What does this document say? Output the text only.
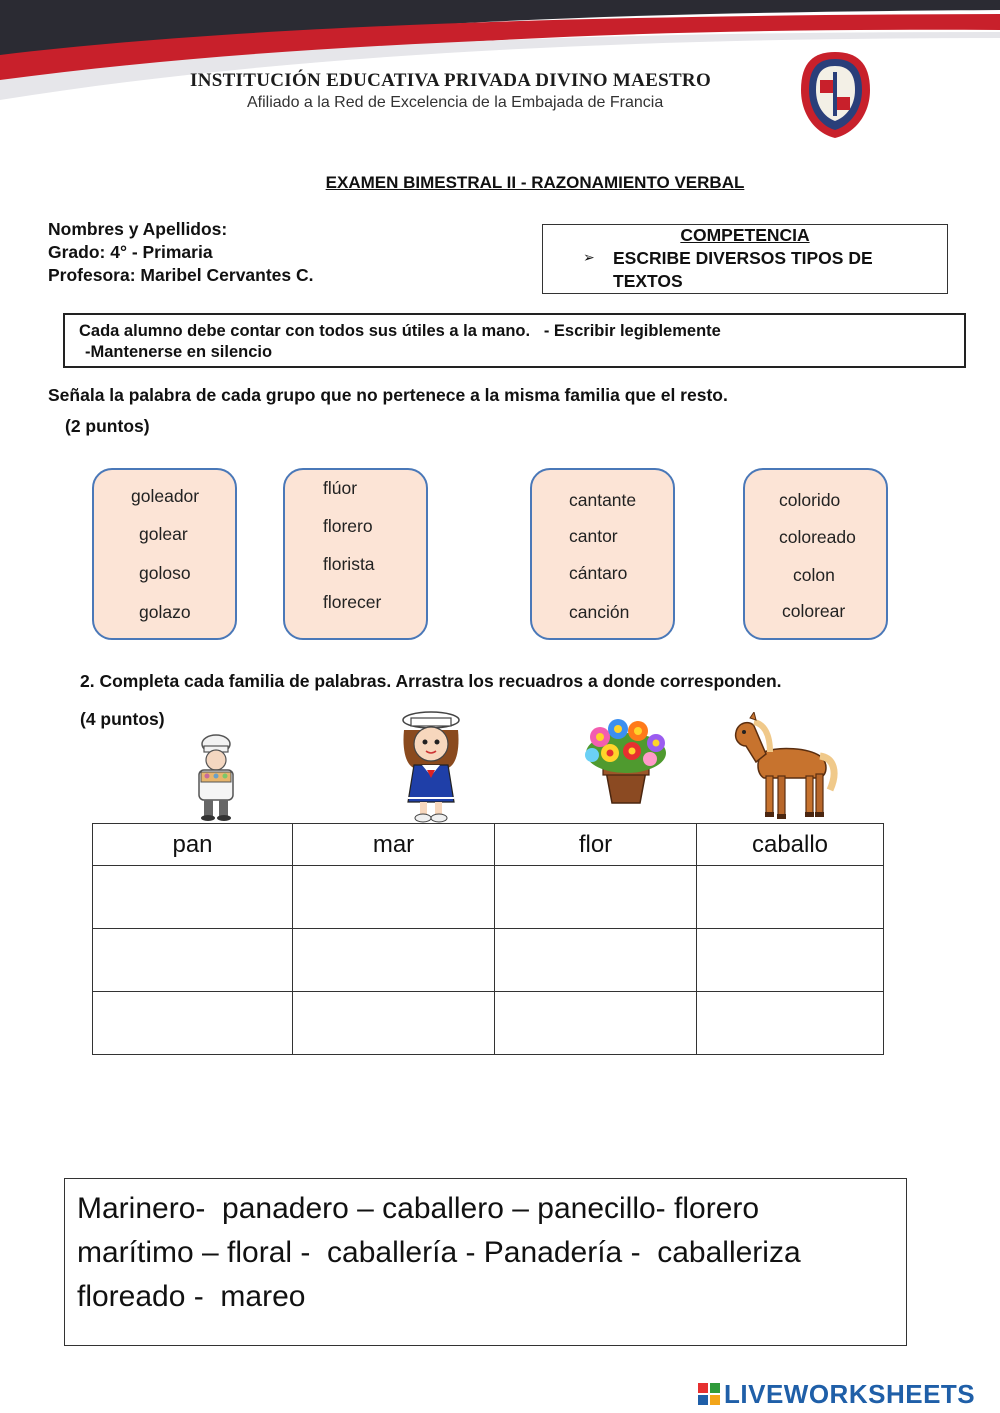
INSTITUCIÓN EDUCATIVA PRIVADA DIVINO MAESTRO
Afiliado a la Red de Excelencia de la Embajada de Francia
EXAMEN BIMESTRAL II - RAZONAMIENTO VERBAL
Nombres y Apellidos:
Grado: 4° - Primaria
Profesora: Maribel Cervantes C.
COMPETENCIA
➢ ESCRIBE DIVERSOS TIPOS DE TEXTOS
Cada alumno debe contar con todos sus útiles a la mano.   - Escribir legiblemente
-Mantenerse en silencio
Señala la palabra de cada grupo que no pertenece a la misma familia que el resto.
(2 puntos)
goleador
golear
goloso
golazo
flúor
florero
florista
florecer
cantante
cantor
cántaro
canción
colorido
coloreado
colon
colorear
2. Completa cada familia de palabras. Arrastra los recuadros a donde corresponden.
(4 puntos)
pan	mar	flor	caballo

Marinero-  panadero – caballero – panecillo- florero
marítimo – floral -  caballería - Panadería -  caballeriza
floreado -  mareo
LIVEWORKSHEETS
